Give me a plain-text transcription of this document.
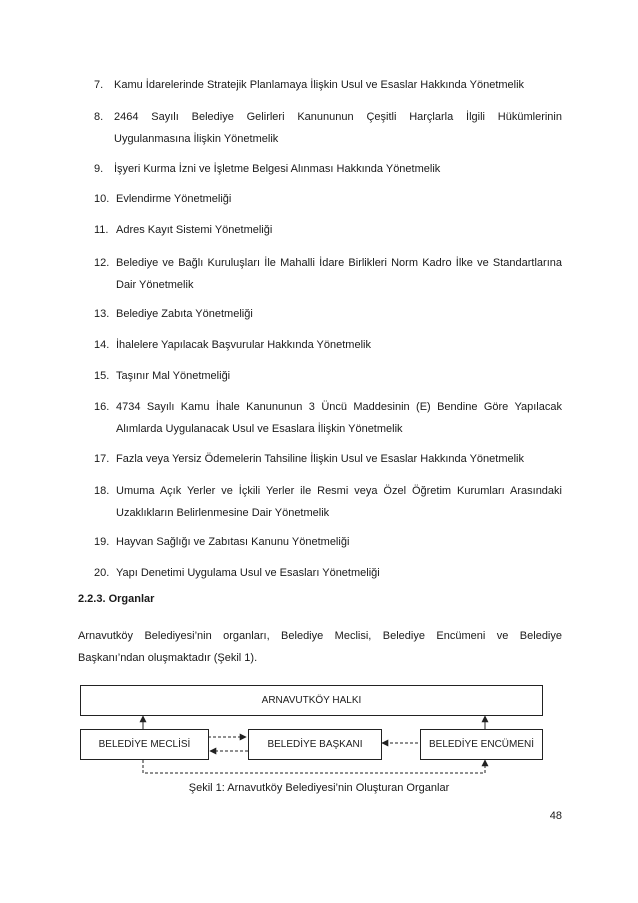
7. Kamu İdarelerinde Stratejik Planlamaya İlişkin Usul ve Esaslar Hakkında Yönetmelik
8. 2464 Sayılı Belediye Gelirleri Kanununun Çeşitli Harçlarla İlgili Hükümlerinin Uygulanmasına İlişkin Yönetmelik
9. İşyeri Kurma İzni ve İşletme Belgesi Alınması Hakkında Yönetmelik
10. Evlendirme Yönetmeliği
11. Adres Kayıt Sistemi Yönetmeliği
12. Belediye ve Bağlı Kuruluşları İle Mahalli İdare Birlikleri Norm Kadro İlke ve Standartlarına Dair Yönetmelik
13. Belediye Zabıta Yönetmeliği
14. İhalelere Yapılacak Başvurular Hakkında Yönetmelik
15. Taşınır Mal Yönetmeliği
16. 4734 Sayılı Kamu İhale Kanununun 3 Üncü Maddesinin (E) Bendine Göre Yapılacak Alımlarda Uygulanacak Usul ve Esaslara İlişkin Yönetmelik
17. Fazla veya Yersiz Ödemelerin Tahsiline İlişkin Usul ve Esaslar Hakkında Yönetmelik
18. Umuma Açık Yerler ve İçkili Yerler ile Resmi veya Özel Öğretim Kurumları Arasındaki Uzaklıkların Belirlenmesine Dair Yönetmelik
19. Hayvan Sağlığı ve Zabıtası Kanunu Yönetmeliği
20. Yapı Denetimi Uygulama Usul ve Esasları Yönetmeliği
2.2.3. Organlar
Arnavutköy Belediyesi’nin organları, Belediye Meclisi, Belediye Encümeni ve Belediye Başkanı’ndan oluşmaktadır (Şekil 1).
ARNAVUTKÖY HALKI
BELEDİYE MECLİSİ	BELEDİYE BAŞKANI	BELEDİYE ENCÜMENİ
Şekil 1: Arnavutköy Belediyesi’nin Oluşturan Organlar
48
